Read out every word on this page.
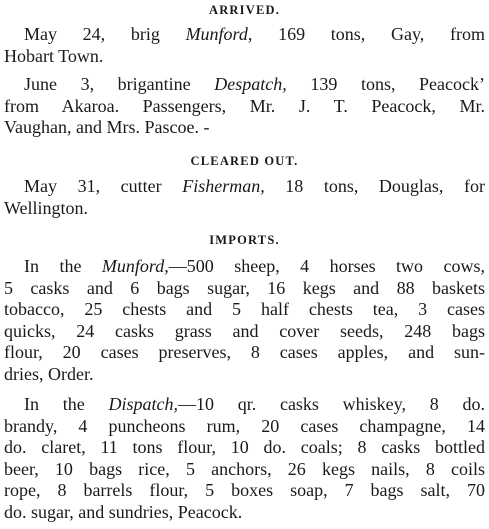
ARRIVED.
May 24, brig Munford, 169 tons, Gay, from
Hobart Town.
June 3, brigantine Despatch, 139 tons, Peacock’
from Akaroa. Passengers, Mr. J. T. Peacock, Mr.
Vaughan, and Mrs. Pascoe. -
CLEARED OUT.
May 31, cutter Fisherman, 18 tons, Douglas, for
Wellington.
IMPORTS.
In the Munford,—500 sheep, 4 horses two cows,
5 casks and 6 bags sugar, 16 kegs and 88 baskets
tobacco, 25 chests and 5 half chests tea, 3 cases
quicks, 24 casks grass and cover seeds, 248 bags
flour, 20 cases preserves, 8 cases apples, and sun-
dries, Order.
In the Dispatch,—10 qr. casks whiskey, 8 do.
brandy, 4 puncheons rum, 20 cases champagne, 14
do. claret, 11 tons flour, 10 do. coals; 8 casks bottled
beer, 10 bags rice, 5 anchors, 26 kegs nails, 8 coils
rope, 8 barrels flour, 5 boxes soap, 7 bags salt, 70
do. sugar, and sundries, Peacock.
